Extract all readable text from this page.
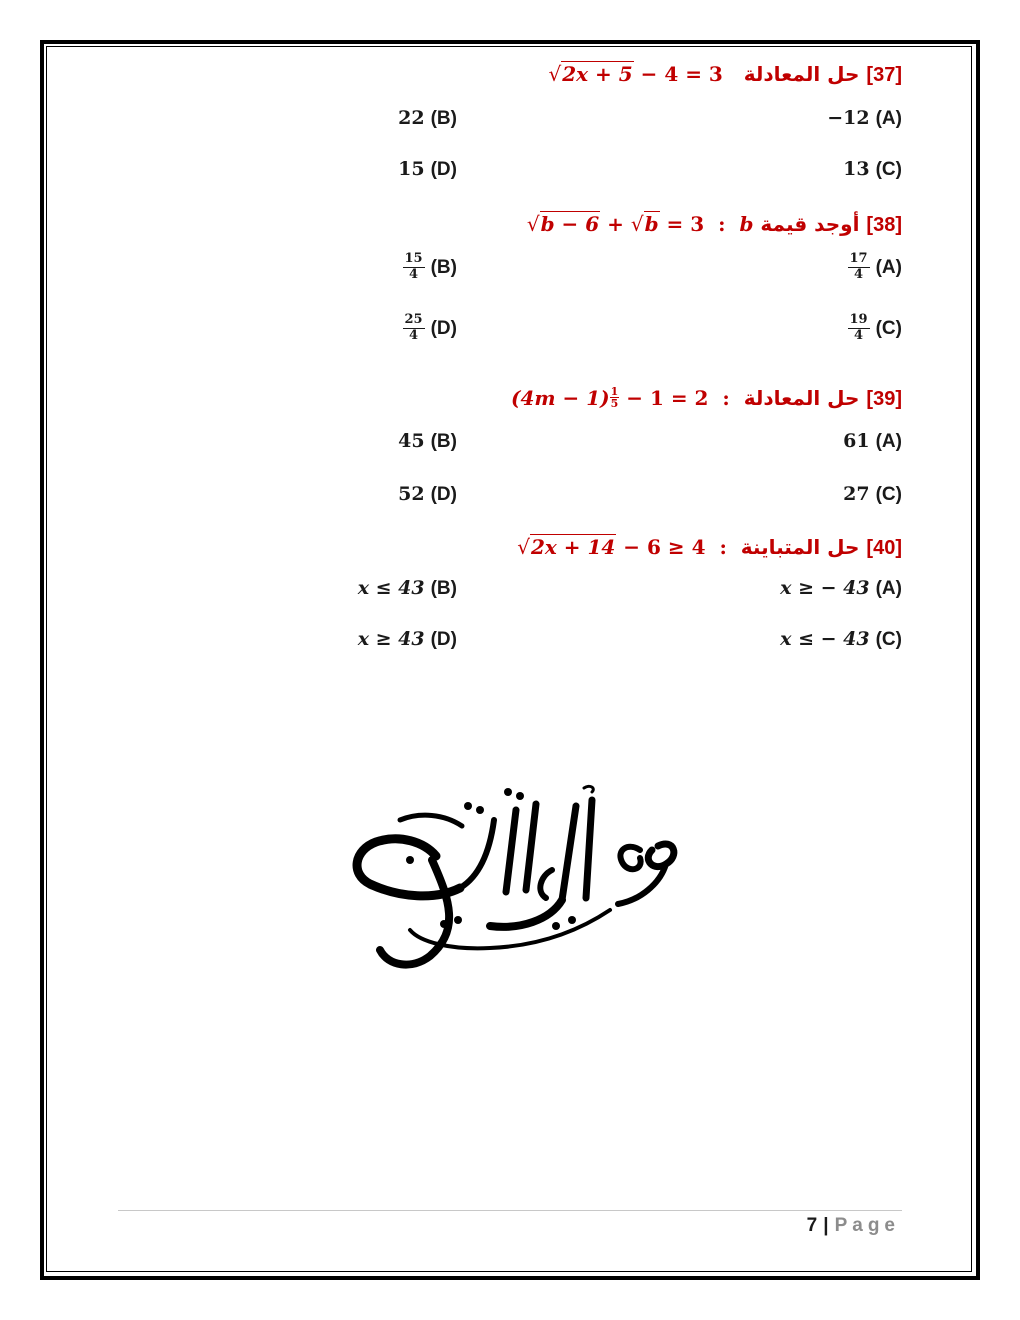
[37] حل المعادلة   √2x + 5 − 4 = 3
−12 (A)
22 (B)
13 (C)
15 (D)
[38] أوجد قيمة b  :  √b − 6 + √b = 3
$\frac{17}{4} (A)$
$\frac{15}{4} (B)$
$\frac{19}{4} (C)$
$\frac{25}{4} (D)$
[39] حل المعادلة  :  $(4m - 1) \frac{1}{5} - 1 = 2$
61 (A)
45 (B)
27 (C)
52 (D)
[40] حل المتباينة  :  √2x + 14 − 6 ≥ 4
x ≥ − 43 (A)
x ≤ 43 (B)
x ≤ − 43 (C)
x ≥ 43 (D)
7 | Page
